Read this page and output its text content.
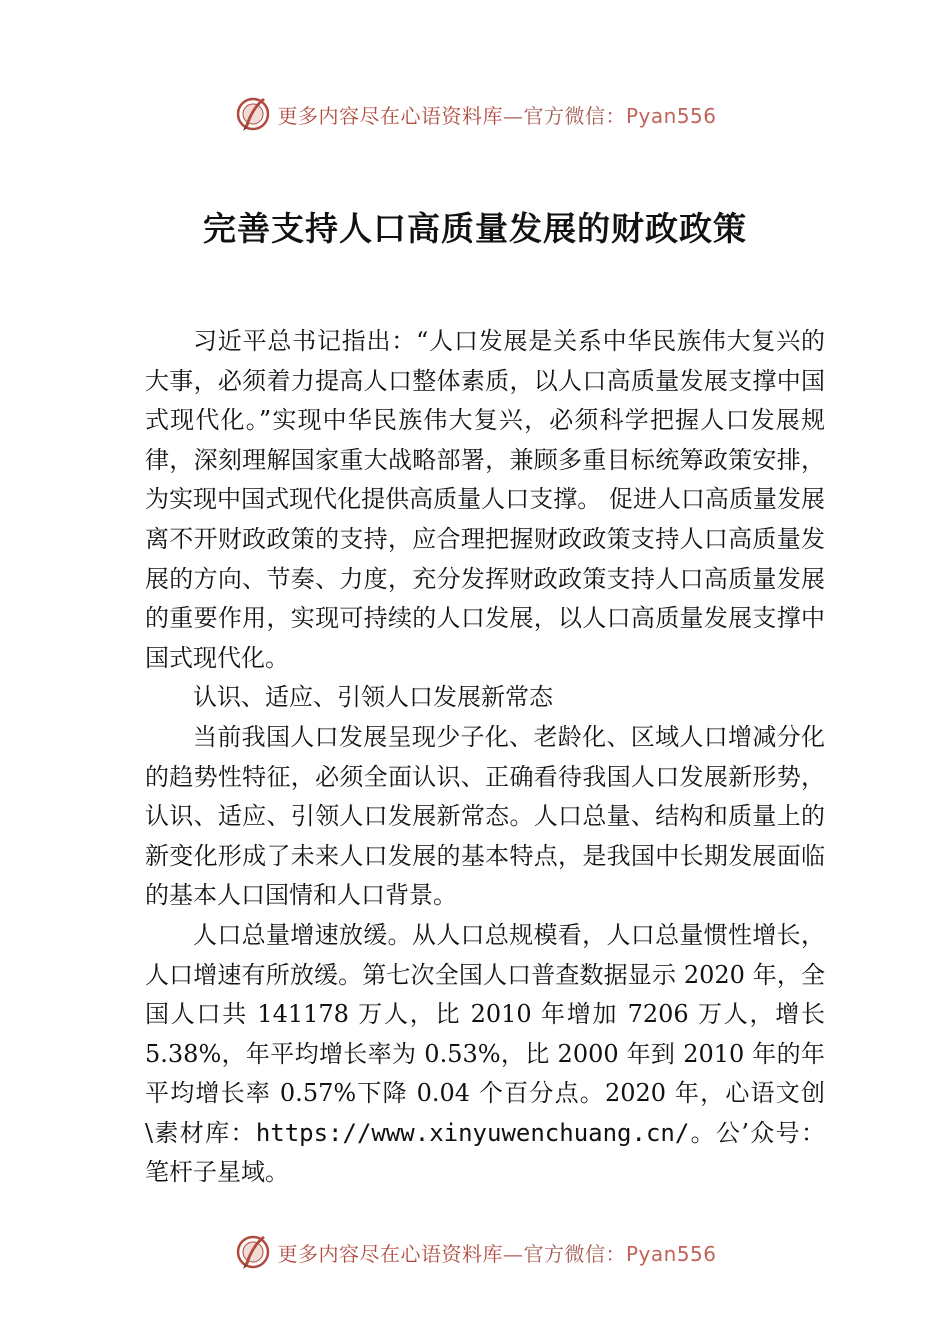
更多内容尽在心语资料库—官方微信：Pyan556
完善支持人口高质量发展的财政政策

习近平总书记指出：“人口发展是关系中华民族伟大复兴的大事，必须着力提高人口整体素质，以人口高质量发展支撑中国式现代化。”实现中华民族伟大复兴，必须科学把握人口发展规律，深刻理解国家重大战略部署，兼顾多重目标统筹政策安排，为实现中国式现代化提供高质量人口支撑。 促进人口高质量发展离不开财政政策的支持，应合理把握财政政策支持人口高质量发展的方向、节奏、力度，充分发挥财政政策支持人口高质量发展的重要作用，实现可持续的人口发展，以人口高质量发展支撑中国式现代化。

认识、适应、引领人口发展新常态

当前我国人口发展呈现少子化、老龄化、区域人口增减分化的趋势性特征，必须全面认识、正确看待我国人口发展新形势，认识、适应、引领人口发展新常态。人口总量、结构和质量上的新变化形成了未来人口发展的基本特点，是我国中长期发展面临的基本人口国情和人口背景。

人口总量增速放缓。从人口总规模看，人口总量惯性增长，人口增速有所放缓。第七次全国人口普查数据显示 2020 年，全国人口共 141178 万人，比 2010 年增加 7206 万人，增长 5.38%，年平均增长率为 0.53%，比 2000 年到 2010 年的年平均增长率 0.57%下降 0.04 个百分点。2020 年，心语文创\素材库：https://www.xinyuwenchuang.cn/。公’众号：笔杆子星域。

更多内容尽在心语资料库—官方微信：Pyan556
